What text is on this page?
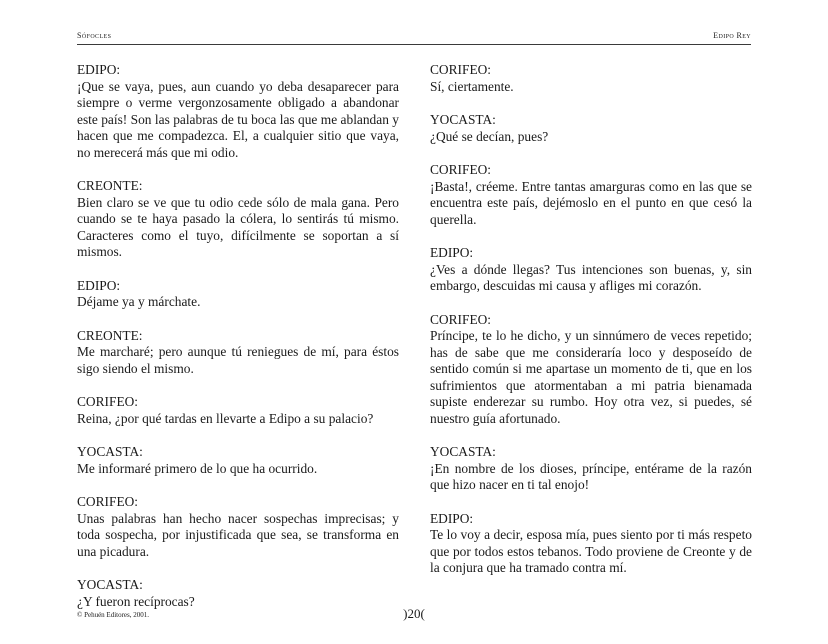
Sófocles	Edipo Rey

EDIPO:

¡Que se vaya, pues, aun cuando yo deba desaparecer para siempre o verme vergonzosamente obligado a abandonar este país! Son las palabras de tu boca las que me ablandan y hacen que me compadezca. El, a cualquier sitio que vaya, no merecerá más que mi odio.

CREONTE:

Bien claro se ve que tu odio cede sólo de mala gana. Pero cuando se te haya pasado la cólera, lo sentirás tú mismo. Caracteres como el tuyo, difícilmente se soportan a sí mismos.

EDIPO:

Déjame ya y márchate.

CREONTE:

Me marcharé; pero aunque tú reniegues de mí, para éstos sigo siendo el mismo.

CORIFEO:

Reina, ¿por qué tardas en llevarte a Edipo a su palacio?

YOCASTA:

Me informaré primero de lo que ha ocurrido.

CORIFEO:

Unas palabras han hecho nacer sospechas imprecisas; y toda sospecha, por injustificada que sea, se transforma en una picadura.

YOCASTA:

¿Y fueron recíprocas?

CORIFEO:

Sí, ciertamente.

YOCASTA:

¿Qué se decían, pues?

CORIFEO:

¡Basta!, créeme. Entre tantas amarguras como en las que se encuentra este país, dejémoslo en el punto en que cesó la querella.

EDIPO:

¿Ves a dónde llegas? Tus intenciones son buenas, y, sin embargo, descuidas mi causa y afliges mi corazón.

CORIFEO:

Príncipe, te lo he dicho, y un sinnúmero de veces repetido; has de sabe que me consideraría loco y desposeído de sentido común si me apartase un momento de ti, que en los sufrimientos que atormentaban a mi patria bienamada supiste enderezar su rumbo. Hoy otra vez, si puedes, sé nuestro guía afortunado.

YOCASTA:

¡En nombre de los dioses, príncipe, entérame de la razón que hizo nacer en ti tal enojo!

EDIPO:

Te lo voy a decir, esposa mía, pues siento por ti más respeto que por todos estos tebanos. Todo proviene de Creonte y de la conjura que ha tramado contra mí.

© Pehuén Editores, 2001.	)20(
